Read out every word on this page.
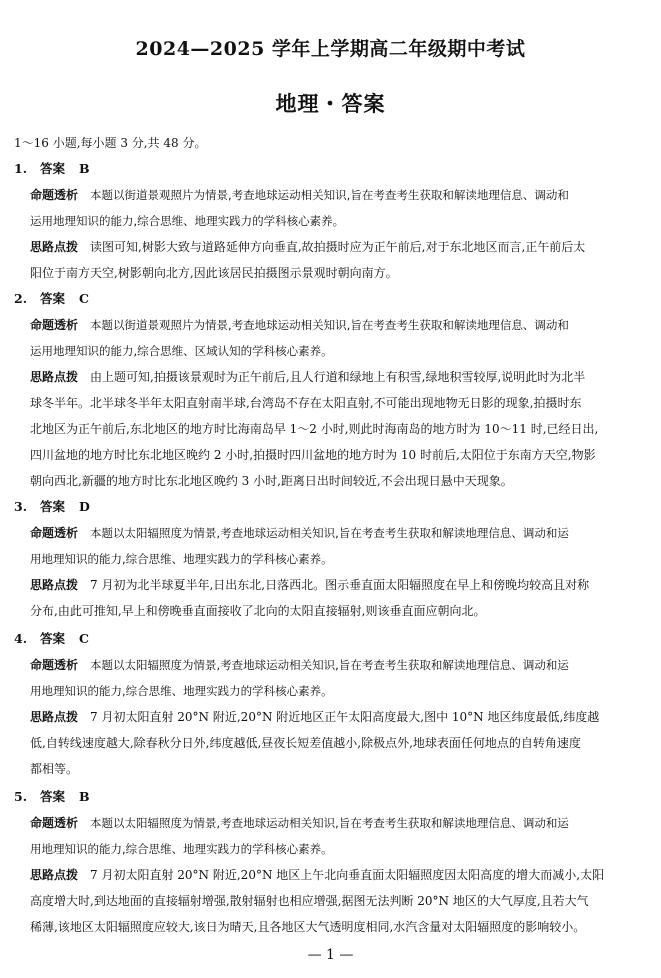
2024—2025 学年上学期高二年级期中考试
地理・答案
1～16 小题,每小题 3 分,共 48 分。
1. 答案 B
命题透析 本题以街道景观照片为情景,考查地球运动相关知识,旨在考查考生获取和解读地理信息、调动和
运用地理知识的能力,综合思维、地理实践力的学科核心素养。
思路点拨 读图可知,树影大致与道路延伸方向垂直,故拍摄时应为正午前后,对于东北地区而言,正午前后太
阳位于南方天空,树影朝向北方,因此该居民拍摄图示景观时朝向南方。
2. 答案 C
命题透析 本题以街道景观照片为情景,考查地球运动相关知识,旨在考查考生获取和解读地理信息、调动和
运用地理知识的能力,综合思维、区域认知的学科核心素养。
思路点拨 由上题可知,拍摄该景观时为正午前后,且人行道和绿地上有积雪,绿地积雪较厚,说明此时为北半
球冬半年。北半球冬半年太阳直射南半球,台湾岛不存在太阳直射,不可能出现地物无日影的现象,拍摄时东
北地区为正午前后,东北地区的地方时比海南岛早 1～2 小时,则此时海南岛的地方时为 10～11 时,已经日出,
四川盆地的地方时比东北地区晚约 2 小时,拍摄时四川盆地的地方时为 10 时前后,太阳位于东南方天空,物影
朝向西北,新疆的地方时比东北地区晚约 3 小时,距离日出时间较近,不会出现日悬中天现象。
3. 答案 D
命题透析 本题以太阳辐照度为情景,考查地球运动相关知识,旨在考查考生获取和解读地理信息、调动和运
用地理知识的能力,综合思维、地理实践力的学科核心素养。
思路点拨 7 月初为北半球夏半年,日出东北,日落西北。图示垂直面太阳辐照度在早上和傍晚均较高且对称
分布,由此可推知,早上和傍晚垂直面接收了北向的太阳直接辐射,则该垂直面应朝向北。
4. 答案 C
命题透析 本题以太阳辐照度为情景,考查地球运动相关知识,旨在考查考生获取和解读地理信息、调动和运
用地理知识的能力,综合思维、地理实践力的学科核心素养。
思路点拨 7 月初太阳直射 20°N 附近,20°N 附近地区正午太阳高度最大,图中 10°N 地区纬度最低,纬度越
低,自转线速度越大,除春秋分日外,纬度越低,昼夜长短差值越小,除极点外,地球表面任何地点的自转角速度
都相等。
5. 答案 B
命题透析 本题以太阳辐照度为情景,考查地球运动相关知识,旨在考查考生获取和解读地理信息、调动和运
用地理知识的能力,综合思维、地理实践力的学科核心素养。
思路点拨 7 月初太阳直射 20°N 附近,20°N 地区上午北向垂直面太阳辐照度因太阳高度的增大而减小,太阳
高度增大时,到达地面的直接辐射增强,散射辐射也相应增强,据图无法判断 20°N 地区的大气厚度,且若大气
稀薄,该地区太阳辐照度应较大,该日为晴天,且各地区大气透明度相同,水汽含量对太阳辐照度的影响较小。
— 1 —
